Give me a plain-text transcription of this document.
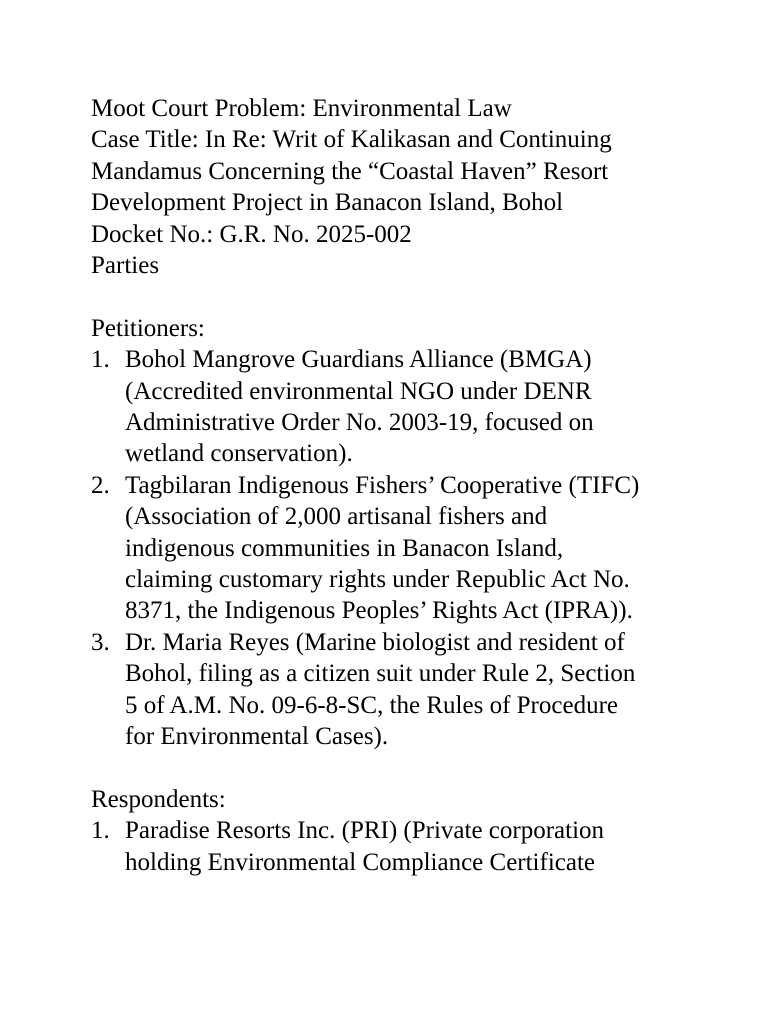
Moot Court Problem: Environmental Law

Case Title: In Re: Writ of Kalikasan and Continuing

Mandamus Concerning the “Coastal Haven” Resort

Development Project in Banacon Island, Bohol

Docket No.: G.R. No. 2025-002

Parties

Petitioners:

1. Bohol Mangrove Guardians Alliance (BMGA)
(Accredited environmental NGO under DENR
Administrative Order No. 2003-19, focused on
wetland conservation).
2. Tagbilaran Indigenous Fishers’ Cooperative (TIFC)
(Association of 2,000 artisanal fishers and
indigenous communities in Banacon Island,
claiming customary rights under Republic Act No.
8371, the Indigenous Peoples’ Rights Act (IPRA)).
3. Dr. Maria Reyes (Marine biologist and resident of
Bohol, filing as a citizen suit under Rule 2, Section
5 of A.M. No. 09-6-8-SC, the Rules of Procedure
for Environmental Cases).

Respondents:

1. Paradise Resorts Inc. (PRI) (Private corporation
holding Environmental Compliance Certificate
